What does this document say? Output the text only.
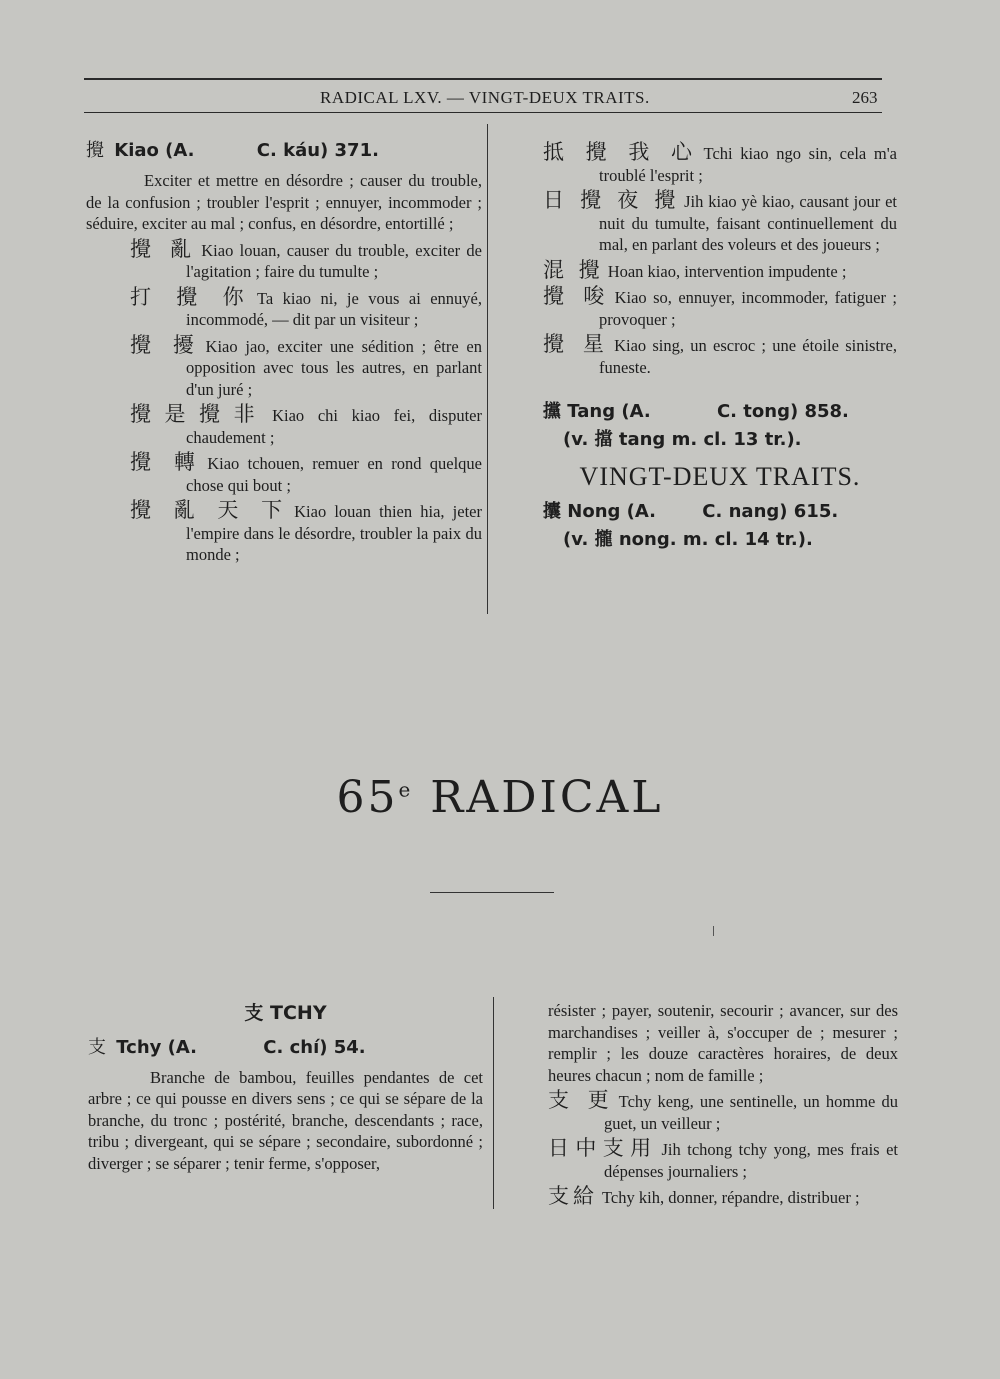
RADICAL LXV. — VINGT-DEUX TRAITS.	263
攪 Kiao (A.	C. káu) 371.
Exciter et mettre en désordre ; causer du trouble, de la confusion ; troubler l'esprit ; ennuyer, incommoder ; séduire, exciter au mal ; confus, en désordre, entortillé ;
攪 亂 Kiao louan, causer du trouble, exciter de l'agitation ; faire du tumulte ;
打 攪 你 Ta kiao ni, je vous ai ennuyé, incommodé, — dit par un visiteur ;
攪 擾 Kiao jao, exciter une sédition ; être en opposition avec tous les autres, en parlant d'un juré ;
攪是攪非 Kiao chi kiao fei, disputer chaudement ;
攪 轉 Kiao tchouen, remuer en rond quelque chose qui bout ;
攪 亂 天 下 Kiao louan thien hia, jeter l'empire dans le désordre, troubler la paix du monde ;
抵 攪 我 心 Tchi kiao ngo sin, cela m'a troublé l'esprit ;
日 攪 夜 攪 Jih kiao yè kiao, causant jour et nuit du tumulte, faisant continuellement du mal, en parlant des voleurs et des joueurs ;
混 攪 Hoan kiao, intervention impudente ;
攪 唆 Kiao so, ennuyer, incommoder, fatiguer ; provoquer ;
攪 星 Kiao sing, un escroc ; une étoile sinistre, funeste.
攩 Tang (A.	C. tong) 858.
(v. 擋 tang m. cl. 13 tr.).
VINGT-DEUX TRAITS.
攮 Nong (A.	C. nang) 615.
(v. 攏 nong. m. cl. 14 tr.).
65e RADICAL
支 TCHY
支 Tchy (A.	C. chí) 54.
Branche de bambou, feuilles pendantes de cet arbre ; ce qui pousse en divers sens ; ce qui se sépare de la branche, du tronc ; postérité, branche, descendants ; race, tribu ; divergeant, qui se sépare ; secondaire, subordonné ; diverger ; se séparer ; tenir ferme, s'opposer,
résister ; payer, soutenir, secourir ; avancer, sur des marchandises ; veiller à, s'occuper de ; mesurer ; remplir ; les douze caractères horaires, de deux heures chacun ; nom de famille ;
支 更 Tchy keng, une sentinelle, un homme du guet, un veilleur ;
日中支用 Jih tchong tchy yong, mes frais et dépenses journaliers ;
支給 Tchy kih, donner, répandre, distribuer ;
